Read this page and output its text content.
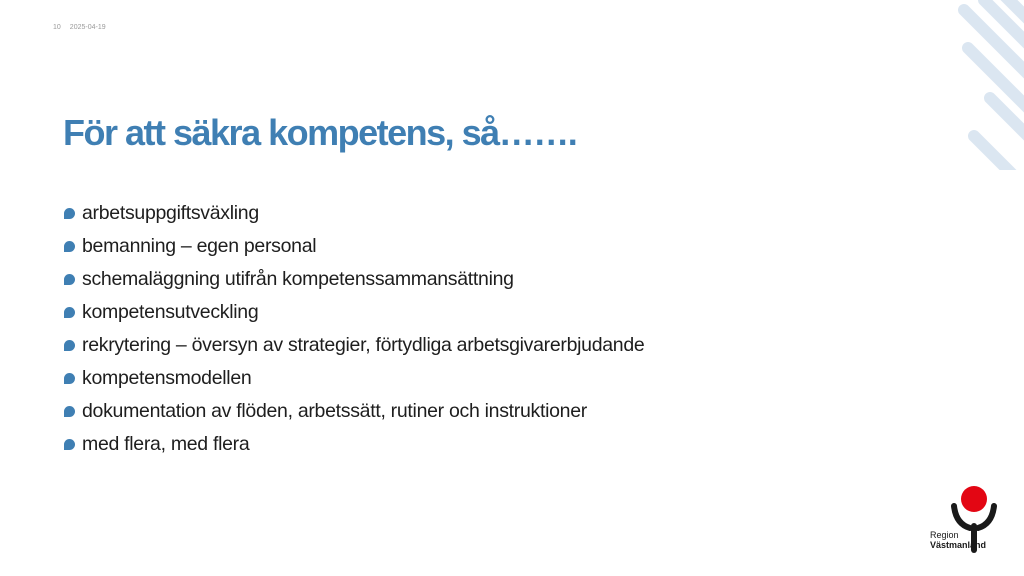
10 2025-04-19
För att säkra kompetens, så…….
arbetsuppgiftsväxling
bemanning – egen personal
schemaläggning utifrån kompetenssammansättning
kompetensutveckling
rekrytering – översyn av strategier, förtydliga arbetsgivarerbjudande
kompetensmodellen
dokumentation av flöden, arbetssätt, rutiner och instruktioner
med flera, med flera
Region
Västmanland
